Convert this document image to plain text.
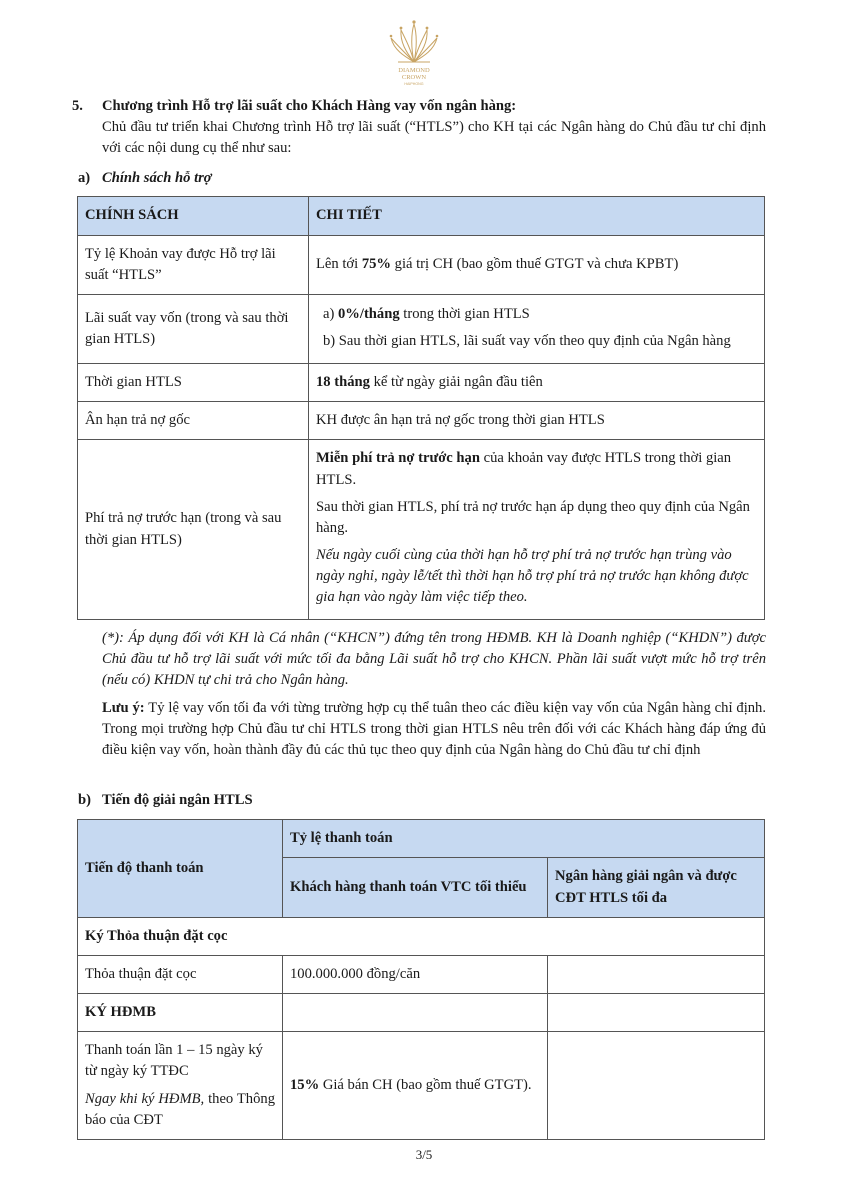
DIAMOND
CROWN
HAIPHONG
5. Chương trình Hỗ trợ lãi suất cho Khách Hàng vay vốn ngân hàng:
Chủ đầu tư triển khai Chương trình Hỗ trợ lãi suất (“HTLS”) cho KH tại các Ngân hàng do Chủ đầu tư chỉ định với các nội dung cụ thể như sau:
a) Chính sách hỗ trợ
CHÍNH SÁCH	CHI TIẾT
Tỷ lệ Khoản vay được Hỗ trợ lãi suất “HTLS”	Lên tới 75% giá trị CH (bao gồm thuế GTGT và chưa KPBT)
Lãi suất vay vốn (trong và sau thời gian HTLS)	a) 0%/tháng trong thời gian HTLS

b) Sau thời gian HTLS, lãi suất vay vốn theo quy định của Ngân hàng

Thời gian HTLS	18 tháng kể từ ngày giải ngân đầu tiên
Ân hạn trả nợ gốc	KH được ân hạn trả nợ gốc trong thời gian HTLS
Phí trả nợ trước hạn (trong và sau thời gian HTLS)	Miễn phí trả nợ trước hạn của khoản vay được HTLS trong thời gian HTLS.

Sau thời gian HTLS, phí trả nợ trước hạn áp dụng theo quy định của Ngân hàng.

Nếu ngày cuối cùng của thời hạn hỗ trợ phí trả nợ trước hạn trùng vào ngày nghỉ, ngày lễ/tết thì thời hạn hỗ trợ phí trả nợ trước hạn không được gia hạn vào ngày làm việc tiếp theo.

(*): Áp dụng đối với KH là Cá nhân (“KHCN”) đứng tên trong HĐMB. KH là Doanh nghiệp (“KHDN”) được Chủ đầu tư hỗ trợ lãi suất với mức tối đa bằng Lãi suất hỗ trợ cho KHCN. Phần lãi suất vượt mức hỗ trợ trên (nếu có) KHDN tự chi trả cho Ngân hàng.
Lưu ý: Tỷ lệ vay vốn tối đa với từng trường hợp cụ thể tuân theo các điều kiện vay vốn của Ngân hàng chỉ định. Trong mọi trường hợp Chủ đầu tư chỉ HTLS trong thời gian HTLS nêu trên đối với các Khách hàng đáp ứng đủ điều kiện vay vốn, hoàn thành đầy đủ các thủ tục theo quy định của Ngân hàng do Chủ đầu tư chỉ định
b) Tiến độ giải ngân HTLS
Tiến độ thanh toán	Tỷ lệ thanh toán	
	Khách hàng thanh toán VTC tối thiểu	Ngân hàng giải ngân và được CĐT HTLS tối đa
Ký Thỏa thuận đặt cọc		
Thỏa thuận đặt cọc	100.000.000 đồng/căn	
KÝ HĐMB		

Thanh toán lần 1 – 15 ngày ký từ ngày ký TTĐC
Ngay khi ký HĐMB, theo Thông báo của CĐT	15% Giá bán CH (bao gồm thuế GTGT).	
3/5
